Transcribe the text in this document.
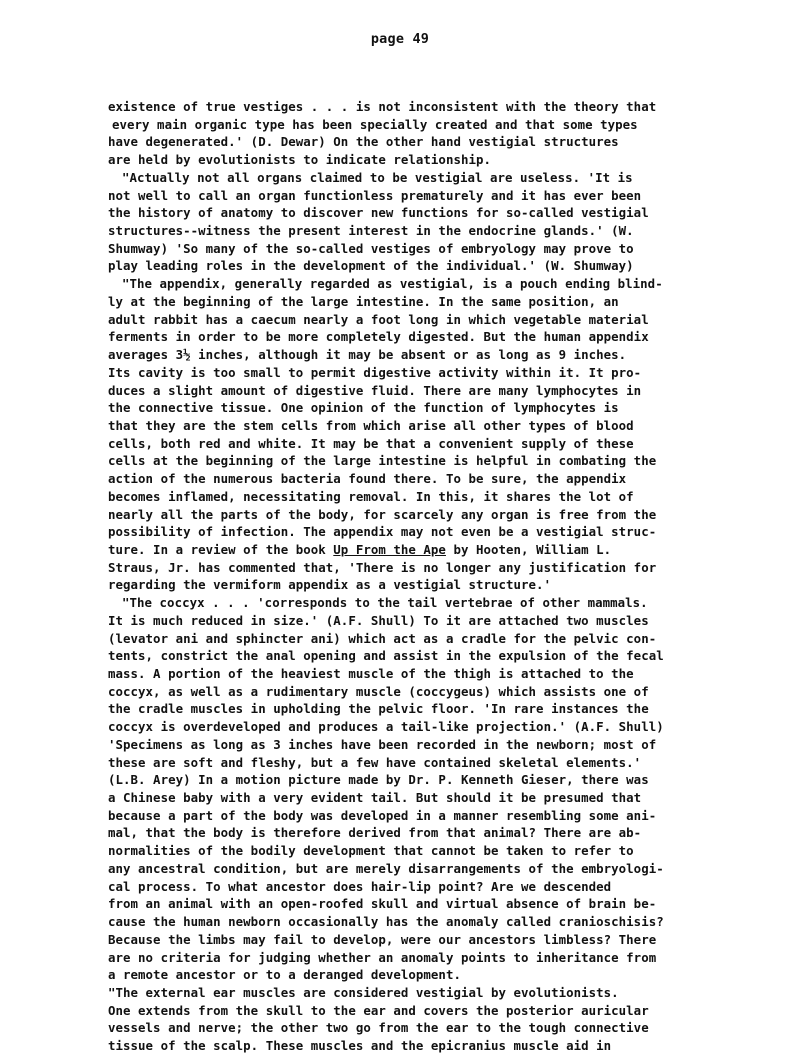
page 49
existence of true vestiges . . . is not inconsistent with the theory that
every main organic type has been specially created and that some types
have degenerated.' (D. Dewar) On the other hand vestigial structures
are held by evolutionists to indicate relationship.
"Actually not all organs claimed to be vestigial are useless. 'It is
not well to call an organ functionless prematurely and it has ever been
the history of anatomy to discover new functions for so-called vestigial
structures--witness the present interest in the endocrine glands.' (W.
Shumway) 'So many of the so-called vestiges of embryology may prove to
play leading roles in the development of the individual.' (W. Shumway)
"The appendix, generally regarded as vestigial, is a pouch ending blind-
ly at the beginning of the large intestine. In the same position, an
adult rabbit has a caecum nearly a foot long in which vegetable material
ferments in order to be more completely digested. But the human appendix
averages 3½ inches, although it may be absent or as long as 9 inches.
Its cavity is too small to permit digestive activity within it. It pro-
duces a slight amount of digestive fluid. There are many lymphocytes in
the connective tissue. One opinion of the function of lymphocytes is
that they are the stem cells from which arise all other types of blood
cells, both red and white. It may be that a convenient supply of these
cells at the beginning of the large intestine is helpful in combating the
action of the numerous bacteria found there. To be sure, the appendix
becomes inflamed, necessitating removal. In this, it shares the lot of
nearly all the parts of the body, for scarcely any organ is free from the
possibility of infection. The appendix may not even be a vestigial struc-
ture. In a review of the book Up From the Ape by Hooten, William L.
Straus, Jr. has commented that, 'There is no longer any justification for
regarding the vermiform appendix as a vestigial structure.'
"The coccyx . . . 'corresponds to the tail vertebrae of other mammals.
It is much reduced in size.' (A.F. Shull) To it are attached two muscles
(levator ani and sphincter ani) which act as a cradle for the pelvic con-
tents, constrict the anal opening and assist in the expulsion of the fecal
mass. A portion of the heaviest muscle of the thigh is attached to the
coccyx, as well as a rudimentary muscle (coccygeus) which assists one of
the cradle muscles in upholding the pelvic floor. 'In rare instances the
coccyx is overdeveloped and produces a tail-like projection.' (A.F. Shull)
'Specimens as long as 3 inches have been recorded in the newborn; most of
these are soft and fleshy, but a few have contained skeletal elements.'
(L.B. Arey) In a motion picture made by Dr. P. Kenneth Gieser, there was
a Chinese baby with a very evident tail. But should it be presumed that
because a part of the body was developed in a manner resembling some ani-
mal, that the body is therefore derived from that animal? There are ab-
normalities of the bodily development that cannot be taken to refer to
any ancestral condition, but are merely disarrangements of the embryologi-
cal process. To what ancestor does hair-lip point? Are we descended
from an animal with an open-roofed skull and virtual absence of brain be-
cause the human newborn occasionally has the anomaly called cranioschisis?
Because the limbs may fail to develop, were our ancestors limbless? There
are no criteria for judging whether an anomaly points to inheritance from
a remote ancestor or to a deranged development.
"The external ear muscles are considered vestigial by evolutionists.
One extends from the skull to the ear and covers the posterior auricular
vessels and nerve; the other two go from the ear to the tough connective
tissue of the scalp. These muscles and the epicranius muscle aid in
